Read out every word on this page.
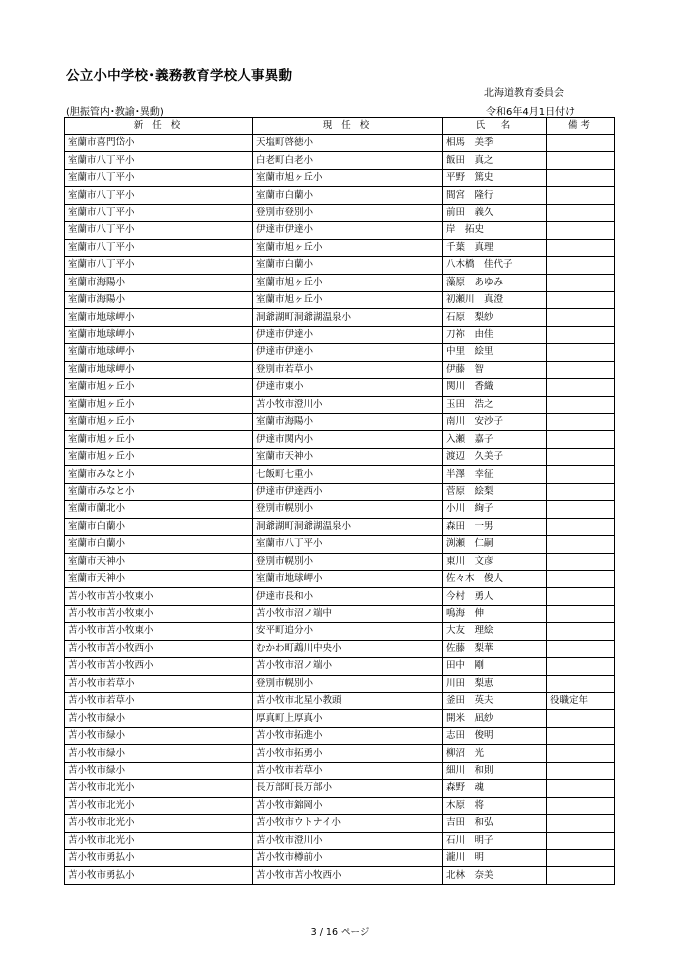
公立小中学校･義務教育学校人事異動
北海道教育委員会
(胆振管内･教諭･異動)	令和6年4月1日付け
新 任 校	現 任 校	氏　名	備考
室蘭市喜門岱小	天塩町啓徳小	相馬　美季	
室蘭市八丁平小	白老町白老小	飯田　真之	
室蘭市八丁平小	室蘭市旭ヶ丘小	平野　篤史	
室蘭市八丁平小	室蘭市白蘭小	間宮　隆行	
室蘭市八丁平小	登別市登別小	前田　義久	
室蘭市八丁平小	伊達市伊達小	岸　拓史	
室蘭市八丁平小	室蘭市旭ヶ丘小	千葉　真理	
室蘭市八丁平小	室蘭市白蘭小	八木橋　佳代子	
室蘭市海陽小	室蘭市旭ヶ丘小	藻原　あゆみ	
室蘭市海陽小	室蘭市旭ヶ丘小	初瀬川　真澄	
室蘭市地球岬小	洞爺湖町洞爺湖温泉小	石原　梨紗	
室蘭市地球岬小	伊達市伊達小	刀祢　由佳	
室蘭市地球岬小	伊達市伊達小	中里　絵里	
室蘭市地球岬小	登別市若草小	伊藤　智	
室蘭市旭ヶ丘小	伊達市東小	関川　香織	
室蘭市旭ヶ丘小	苫小牧市澄川小	玉田　浩之	
室蘭市旭ヶ丘小	室蘭市海陽小	南川　安沙子	
室蘭市旭ヶ丘小	伊達市関内小	入瀬　嘉子	
室蘭市旭ヶ丘小	室蘭市天神小	渡辺　久美子	
室蘭市みなと小	七飯町七重小	半澤　幸征	
室蘭市みなと小	伊達市伊達西小	菅原　絵梨	
室蘭市蘭北小	登別市幌別小	小川　絢子	
室蘭市白蘭小	洞爺湖町洞爺湖温泉小	森田　一男	
室蘭市白蘭小	室蘭市八丁平小	渕瀬　仁嗣	
室蘭市天神小	登別市幌別小	東川　文彦	
室蘭市天神小	室蘭市地球岬小	佐々木　俊人	
苫小牧市苫小牧東小	伊達市長和小	今村　勇人	
苫小牧市苫小牧東小	苫小牧市沼ノ端中	鳴海　伸	
苫小牧市苫小牧東小	安平町追分小	大友　理絵	
苫小牧市苫小牧西小	むかわ町鵡川中央小	佐藤　梨華	
苫小牧市苫小牧西小	苫小牧市沼ノ端小	田中　剛	
苫小牧市若草小	登別市幌別小	川田　梨恵	
苫小牧市若草小	苫小牧市北星小教頭	釜田　英夫	役職定年
苫小牧市緑小	厚真町上厚真小	開米　凪紗	
苫小牧市緑小	苫小牧市拓進小	志田　俊明	
苫小牧市緑小	苫小牧市拓勇小	柳沼　光	
苫小牧市緑小	苫小牧市若草小	細川　和則	
苫小牧市北光小	長万部町長万部小	森野　魂	
苫小牧市北光小	苫小牧市錦岡小	木原　将	
苫小牧市北光小	苫小牧市ウトナイ小	吉田　和弘	
苫小牧市北光小	苫小牧市澄川小	石川　明子	
苫小牧市勇払小	苫小牧市樽前小	瀧川　明	
苫小牧市勇払小	苫小牧市苫小牧西小	北林　奈美	
3 / 16 ページ
